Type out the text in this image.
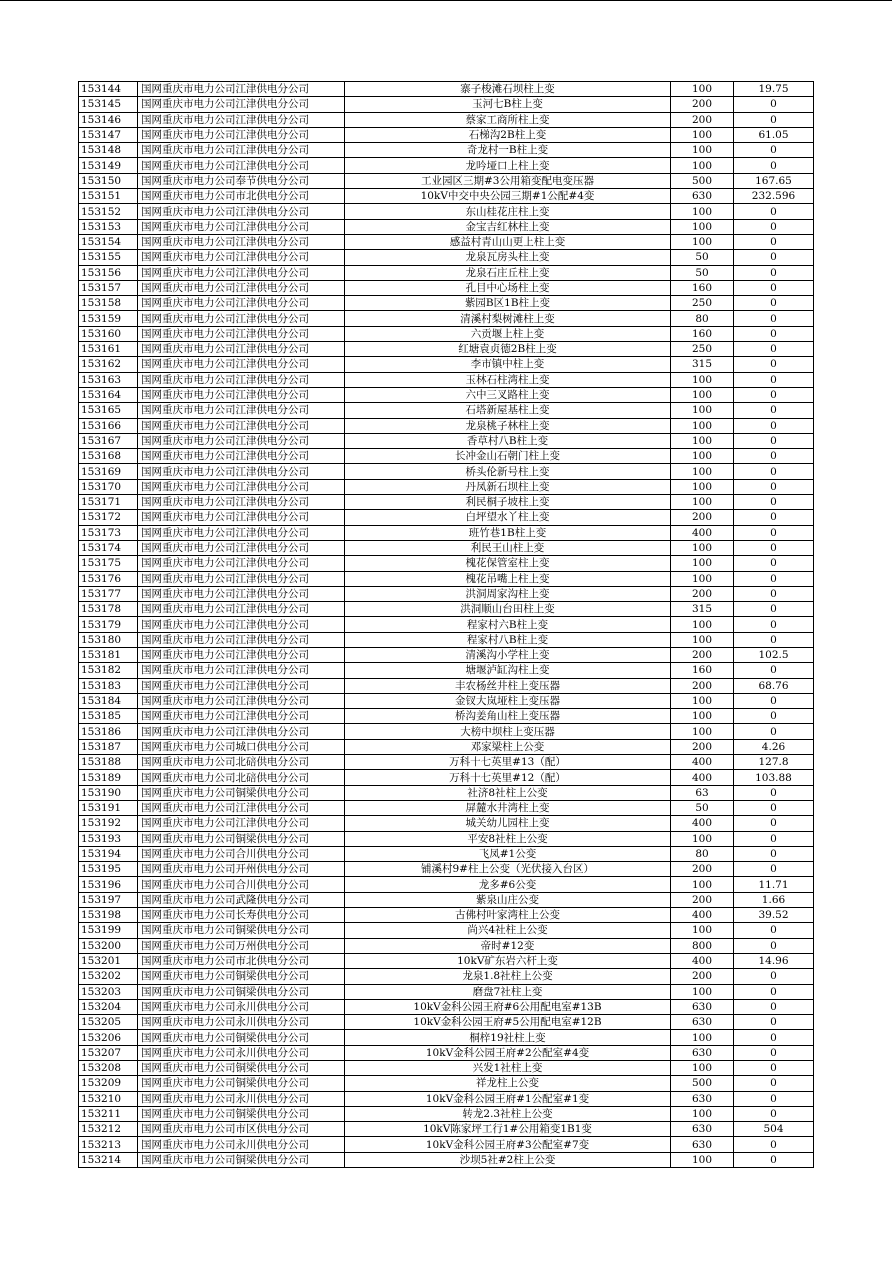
153144	国网重庆市电力公司江津供电分公司	寨子梭滩石坝柱上变	100	19.75
153145	国网重庆市电力公司江津供电分公司	玉河七B柱上变	200	0
153146	国网重庆市电力公司江津供电分公司	蔡家工商所柱上变	200	0
153147	国网重庆市电力公司江津供电分公司	石梯沟2B柱上变	100	61.05
153148	国网重庆市电力公司江津供电分公司	奇龙村一B柱上变	100	0
153149	国网重庆市电力公司江津供电分公司	龙吟垭口上柱上变	100	0
153150	国网重庆市电力公司奉节供电分公司	工业园区三期#3公用箱变配电变压器	500	167.65
153151	国网重庆市电力公司市北供电分公司	10kV中交中央公园三期#1公配#4变	630	232.596
153152	国网重庆市电力公司江津供电分公司	东山桂花庄柱上变	100	0
153153	国网重庆市电力公司江津供电分公司	金宝吉红林柱上变	100	0
153154	国网重庆市电力公司江津供电分公司	感益村青山山更上柱上变	100	0
153155	国网重庆市电力公司江津供电分公司	龙泉瓦房头柱上变	50	0
153156	国网重庆市电力公司江津供电分公司	龙泉石庄丘柱上变	50	0
153157	国网重庆市电力公司江津供电分公司	孔目中心场柱上变	160	0
153158	国网重庆市电力公司江津供电分公司	紫园B区1B柱上变	250	0
153159	国网重庆市电力公司江津供电分公司	清溪村梨树滩柱上变	80	0
153160	国网重庆市电力公司江津供电分公司	六贡堰上柱上变	160	0
153161	国网重庆市电力公司江津供电分公司	红塘袁贞德2B柱上变	250	0
153162	国网重庆市电力公司江津供电分公司	李市镇中柱上变	315	0
153163	国网重庆市电力公司江津供电分公司	玉林石柱湾柱上变	100	0
153164	国网重庆市电力公司江津供电分公司	六中三叉路柱上变	100	0
153165	国网重庆市电力公司江津供电分公司	石塔新屋基柱上变	100	0
153166	国网重庆市电力公司江津供电分公司	龙泉桃子林柱上变	100	0
153167	国网重庆市电力公司江津供电分公司	香草村八B柱上变	100	0
153168	国网重庆市电力公司江津供电分公司	长冲金山石朝门柱上变	100	0
153169	国网重庆市电力公司江津供电分公司	桥头伦新号柱上变	100	0
153170	国网重庆市电力公司江津供电分公司	丹凤新石坝柱上变	100	0
153171	国网重庆市电力公司江津供电分公司	利民桐子坡柱上变	100	0
153172	国网重庆市电力公司江津供电分公司	白坪望水丫柱上变	200	0
153173	国网重庆市电力公司江津供电分公司	班竹巷1B柱上变	400	0
153174	国网重庆市电力公司江津供电分公司	利民王山柱上变	100	0
153175	国网重庆市电力公司江津供电分公司	槐花保管室柱上变	100	0
153176	国网重庆市电力公司江津供电分公司	槐花吊嘴上柱上变	100	0
153177	国网重庆市电力公司江津供电分公司	洪洞周家沟柱上变	200	0
153178	国网重庆市电力公司江津供电分公司	洪洞顺山台田柱上变	315	0
153179	国网重庆市电力公司江津供电分公司	程家村六B柱上变	100	0
153180	国网重庆市电力公司江津供电分公司	程家村八B柱上变	100	0
153181	国网重庆市电力公司江津供电分公司	清溪沟小学柱上变	200	102.5
153182	国网重庆市电力公司江津供电分公司	塘堰泸缸沟柱上变	160	0
153183	国网重庆市电力公司江津供电分公司	丰农杨丝井柱上变压器	200	68.76
153184	国网重庆市电力公司江津供电分公司	金钗大岚垭柱上变压器	100	0
153185	国网重庆市电力公司江津供电分公司	桥沟姜角山柱上变压器	100	0
153186	国网重庆市电力公司江津供电分公司	大榜中坝柱上变压器	100	0
153187	国网重庆市电力公司城口供电分公司	邓家梁柱上公变	200	4.26
153188	国网重庆市电力公司北碚供电分公司	万科十七英里#13（配）	400	127.8
153189	国网重庆市电力公司北碚供电分公司	万科十七英里#12（配）	400	103.88
153190	国网重庆市电力公司铜梁供电分公司	社济8社柱上公变	63	0
153191	国网重庆市电力公司江津供电分公司	屏麓水井湾柱上变	50	0
153192	国网重庆市电力公司江津供电分公司	城关幼儿园柱上变	400	0
153193	国网重庆市电力公司铜梁供电分公司	平安8社柱上公变	100	0
153194	国网重庆市电力公司合川供电分公司	飞凤#1公变	80	0
153195	国网重庆市电力公司开州供电分公司	铺溪村9#柱上公变（光伏接入台区）	200	0
153196	国网重庆市电力公司合川供电分公司	龙多#6公变	100	11.71
153197	国网重庆市电力公司武隆供电分公司	紫泉山庄公变	200	1.66
153198	国网重庆市电力公司长寿供电分公司	古佛村叶家湾柱上公变	400	39.52
153199	国网重庆市电力公司铜梁供电分公司	尚兴4社柱上公变	100	0
153200	国网重庆市电力公司万州供电分公司	帝时#12变	800	0
153201	国网重庆市电力公司市北供电分公司	10kV矿东岩六杆上变	400	14.96
153202	国网重庆市电力公司铜梁供电分公司	龙泉1.8社柱上公变	200	0
153203	国网重庆市电力公司铜梁供电分公司	磨盘7社柱上变	100	0
153204	国网重庆市电力公司永川供电分公司	10kV金科公园王府#6公用配电室#13B	630	0
153205	国网重庆市电力公司永川供电分公司	10kV金科公园王府#5公用配电室#12B	630	0
153206	国网重庆市电力公司铜梁供电分公司	桐梓19社柱上变	100	0
153207	国网重庆市电力公司永川供电分公司	10kV金科公园王府#2公配室#4变	630	0
153208	国网重庆市电力公司铜梁供电分公司	兴发1社柱上变	100	0
153209	国网重庆市电力公司铜梁供电分公司	祥龙柱上公变	500	0
153210	国网重庆市电力公司永川供电分公司	10kV金科公园王府#1公配室#1变	630	0
153211	国网重庆市电力公司铜梁供电分公司	转龙2.3社柱上公变	100	0
153212	国网重庆市电力公司市区供电分公司	10kV陈家坪工行1#公用箱变1B1变	630	504
153213	国网重庆市电力公司永川供电分公司	10kV金科公园王府#3公配室#7变	630	0
153214	国网重庆市电力公司铜梁供电分公司	沙坝5社#2柱上公变	100	0
